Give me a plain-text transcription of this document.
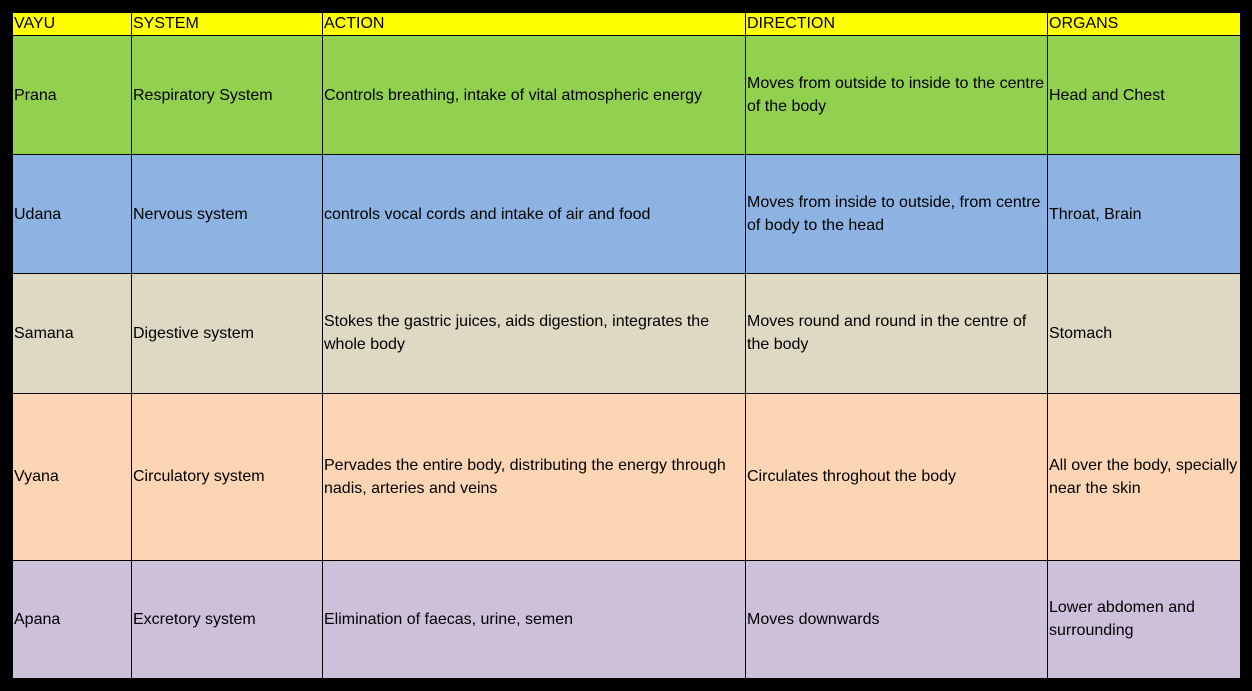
VAYU	SYSTEM	ACTION	DIRECTION	ORGANS
Prana	Respiratory System	Controls breathing, intake of vital atmospheric energy	Moves from outside to inside to the centre of the body	Head and Chest
Udana	Nervous system	controls vocal cords and intake of air and food	Moves from inside to outside, from centre of body to the head	Throat, Brain
Samana	Digestive system	Stokes the gastric juices, aids digestion, integrates the whole body	Moves round and round in the centre of the body	Stomach
Vyana	Circulatory system	Pervades the entire body, distributing the energy through nadis, arteries and veins	Circulates throghout the body	All over the body, specially near the skin
Apana	Excretory system	Elimination of faecas, urine, semen	Moves downwards	Lower abdomen and surrounding
